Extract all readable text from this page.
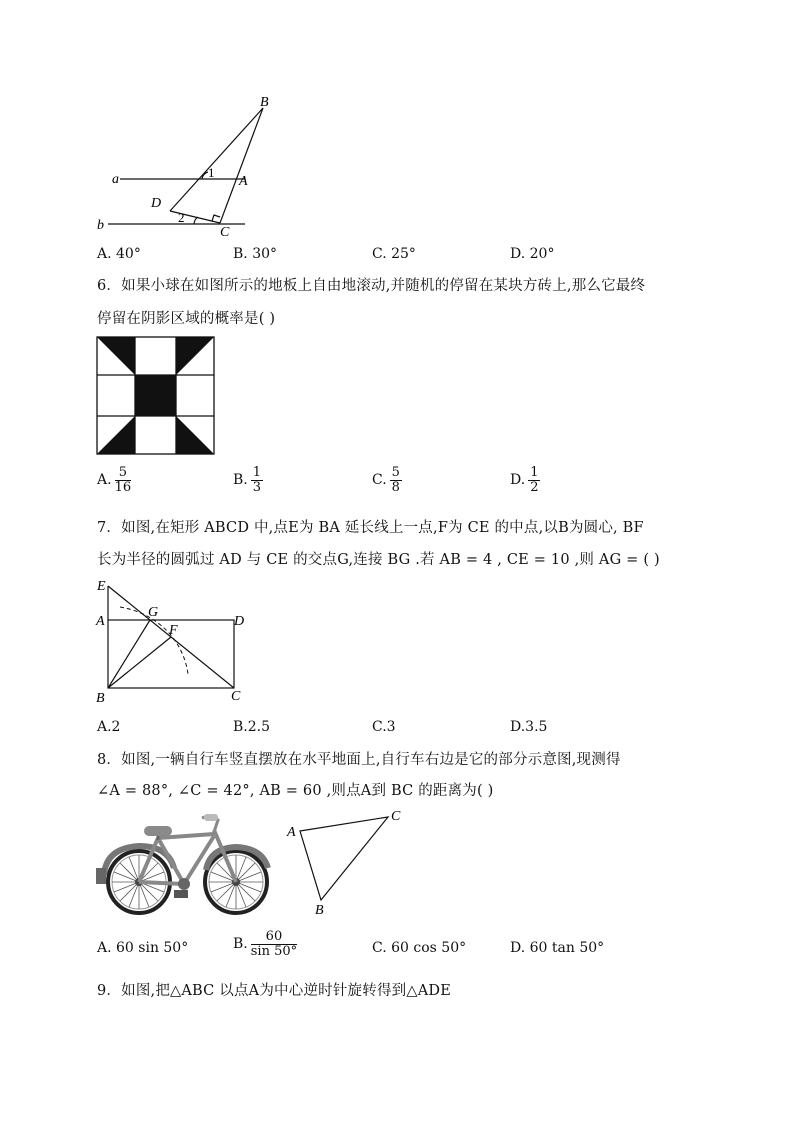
B
a	1
A
D
b
2
C
A. 40°	B. 30°	C. 25°	D. 20°
6．如果小球在如图所示的地板上自由地滚动,并随机的停留在某块方砖上,那么它最终
停留在阴影区域的概率是( )
A. $\frac{5}{16}$	B. $\frac{1}{3}$	C. $\frac{5}{8}$	D. $\frac{1}{2}$
7．如图,在矩形 ABCD 中,点E为 BA 延长线上一点,F为 CE 的中点,以B为圆心, BF
长为半径的圆弧过 AD 与 CE 的交点G,连接 BG .若 AB = 4 , CE = 10 ,则 AG = ( )
E
A
G
F
D
B	C
A.2	B.2.5	C.3	D.3.5
8．如图,一辆自行车竖直摆放在水平地面上,自行车右边是它的部分示意图,现测得
∠A = 88°, ∠C = 42°, AB = 60 ,则点A到 BC 的距离为( )
A
B
C
A. 60 sin 50°	B. $\frac{60}{\sin 50^\circ}$	C. 60 cos 50°	D. 60 tan 50°
9．如图,把△ABC 以点A为中心逆时针旋转得到△ADE
